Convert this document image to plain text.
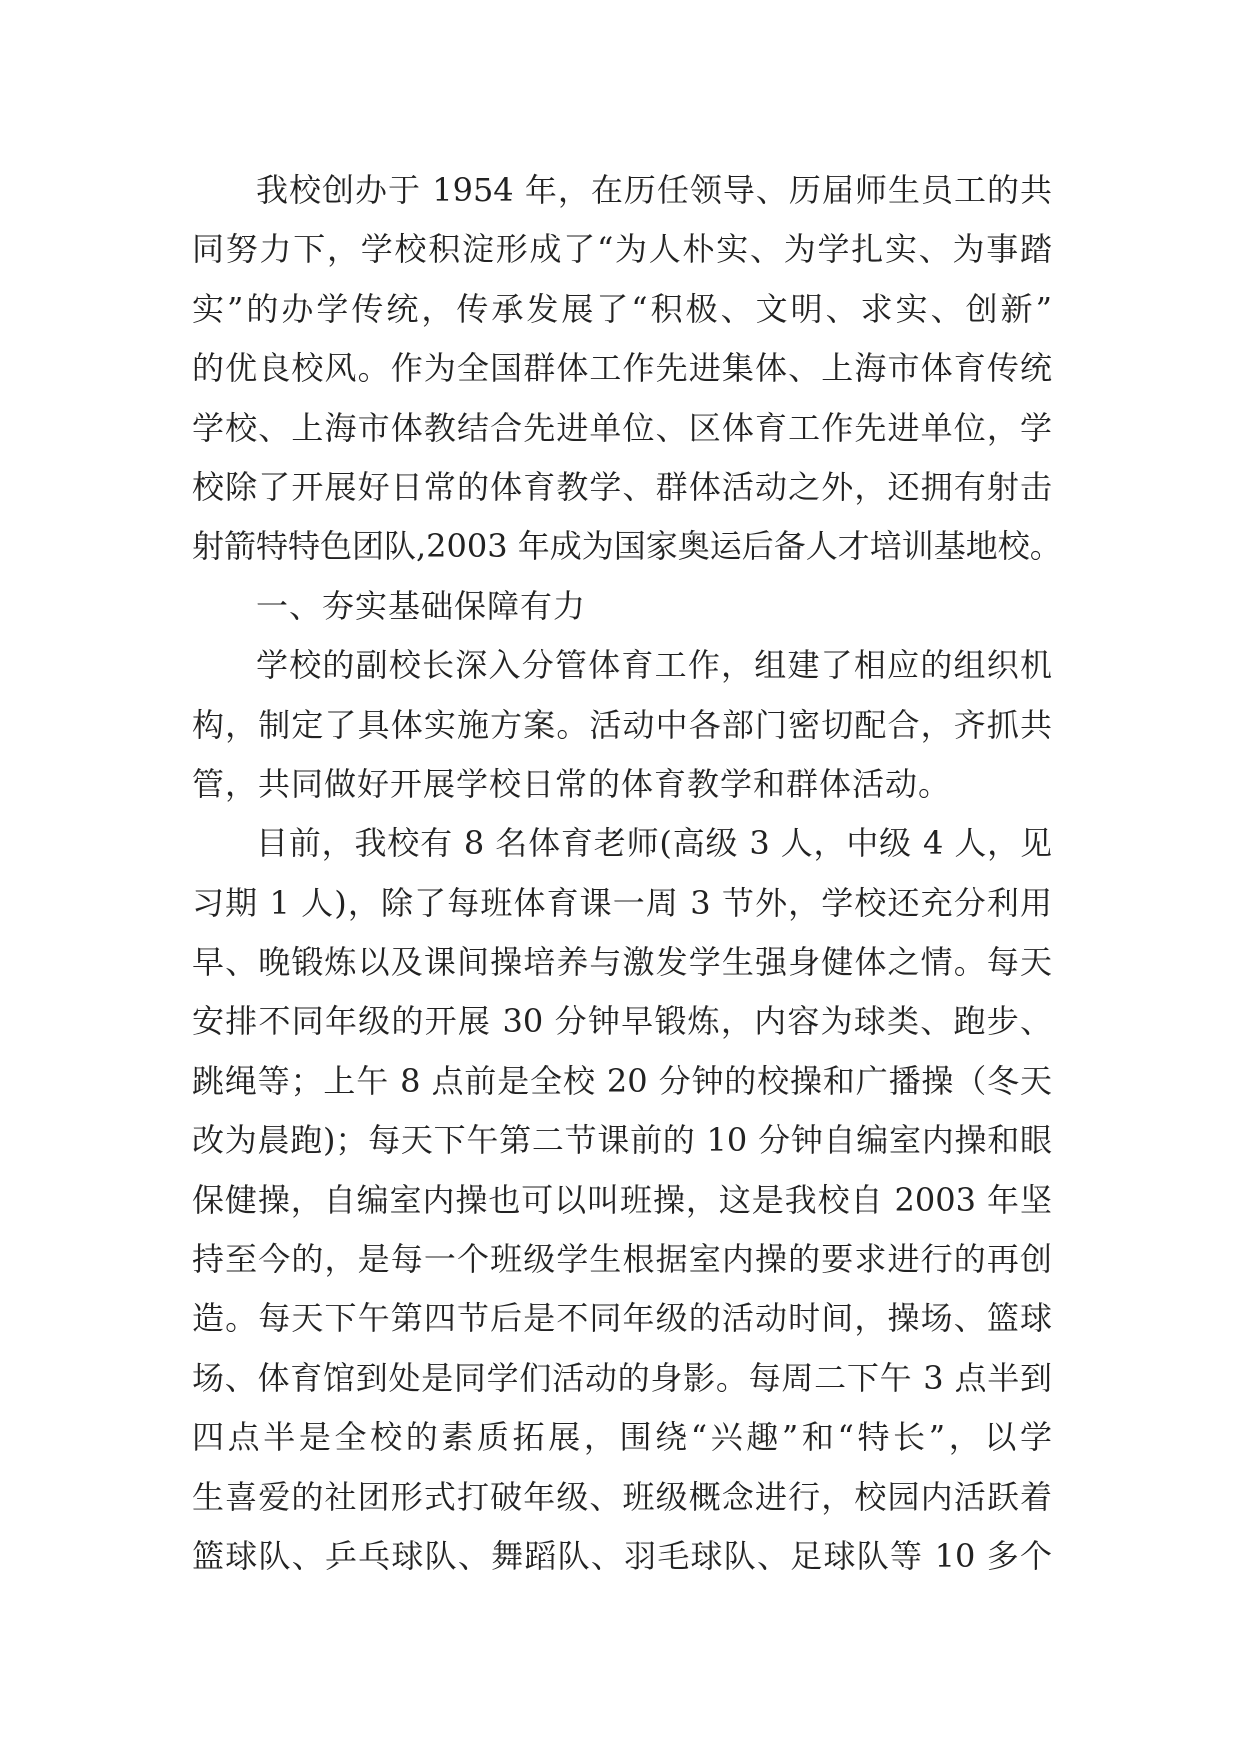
我校创办于 1954 年，在历任领导、历届师生员工的共
同努力下，学校积淀形成了“为人朴实、为学扎实、为事踏
实”的办学传统，传承发展了“积极、文明、求实、创新”
的优良校风。作为全国群体工作先进集体、上海市体育传统
学校、上海市体教结合先进单位、区体育工作先进单位，学
校除了开展好日常的体育教学、群体活动之外，还拥有射击
射箭特特色团队,2003 年成为国家奥运后备人才培训基地校。
一、夯实基础保障有力
学校的副校长深入分管体育工作，组建了相应的组织机
构，制定了具体实施方案。活动中各部门密切配合，齐抓共
管，共同做好开展学校日常的体育教学和群体活动。
目前，我校有 8 名体育老师(高级 3 人，中级 4 人，见
习期 1 人)，除了每班体育课一周 3 节外，学校还充分利用
早、晚锻炼以及课间操培养与激发学生强身健体之情。每天
安排不同年级的开展 30 分钟早锻炼，内容为球类、跑步、
跳绳等；上午 8 点前是全校 20 分钟的校操和广播操（冬天
改为晨跑)；每天下午第二节课前的 10 分钟自编室内操和眼
保健操，自编室内操也可以叫班操，这是我校自 2003 年坚
持至今的，是每一个班级学生根据室内操的要求进行的再创
造。每天下午第四节后是不同年级的活动时间，操场、篮球
场、体育馆到处是同学们活动的身影。每周二下午 3 点半到
四点半是全校的素质拓展，围绕“兴趣”和“特长”，以学
生喜爱的社团形式打破年级、班级概念进行，校园内活跃着
篮球队、乒乓球队、舞蹈队、羽毛球队、足球队等 10 多个
